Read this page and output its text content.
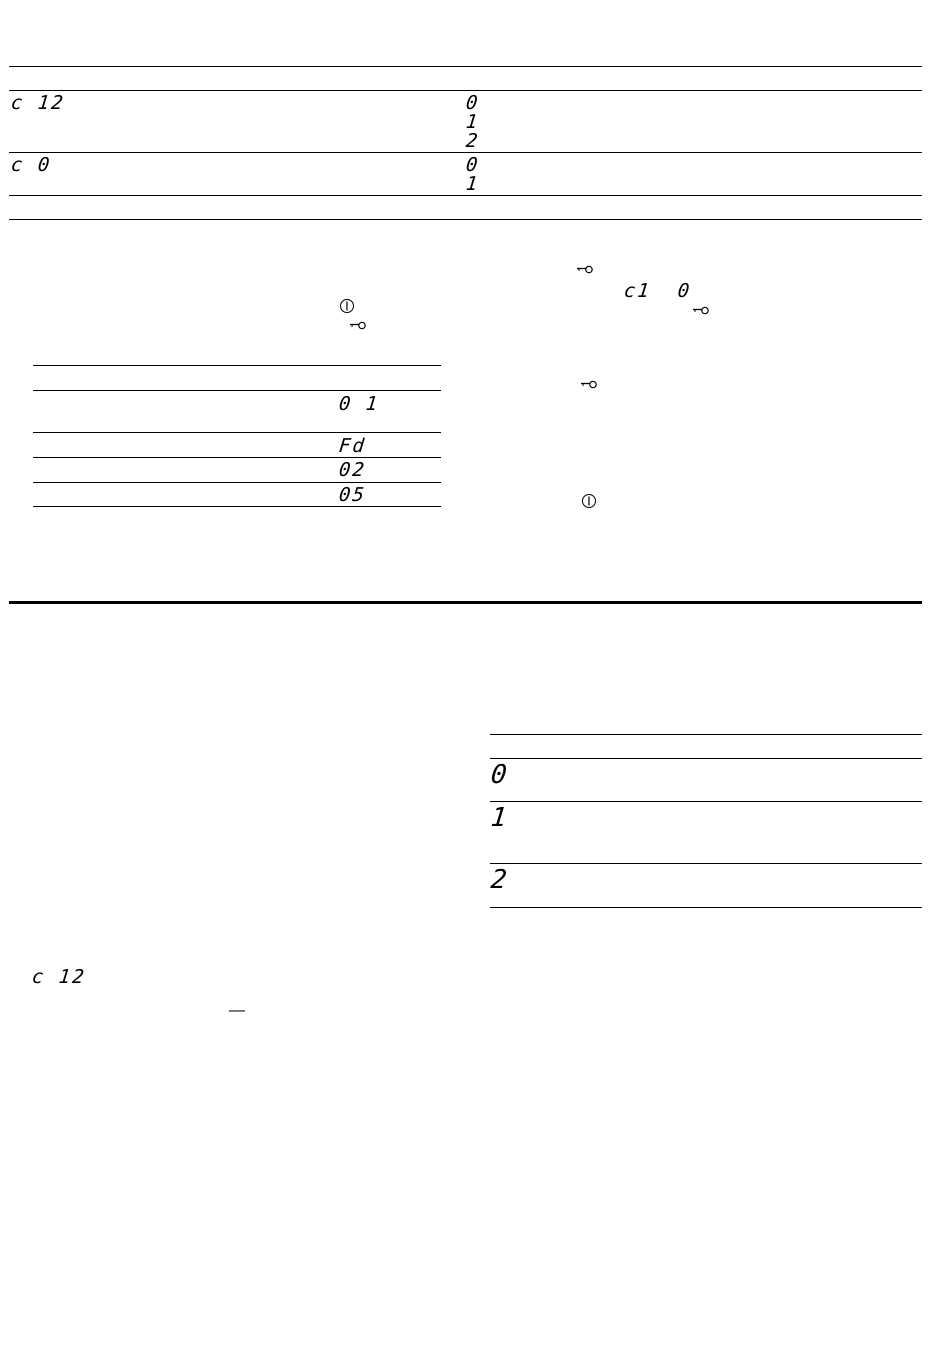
c 12	0
1
2
c 0	0
1
0 1
Fd
02
05
c1  0
0
1
2
c 12
—
